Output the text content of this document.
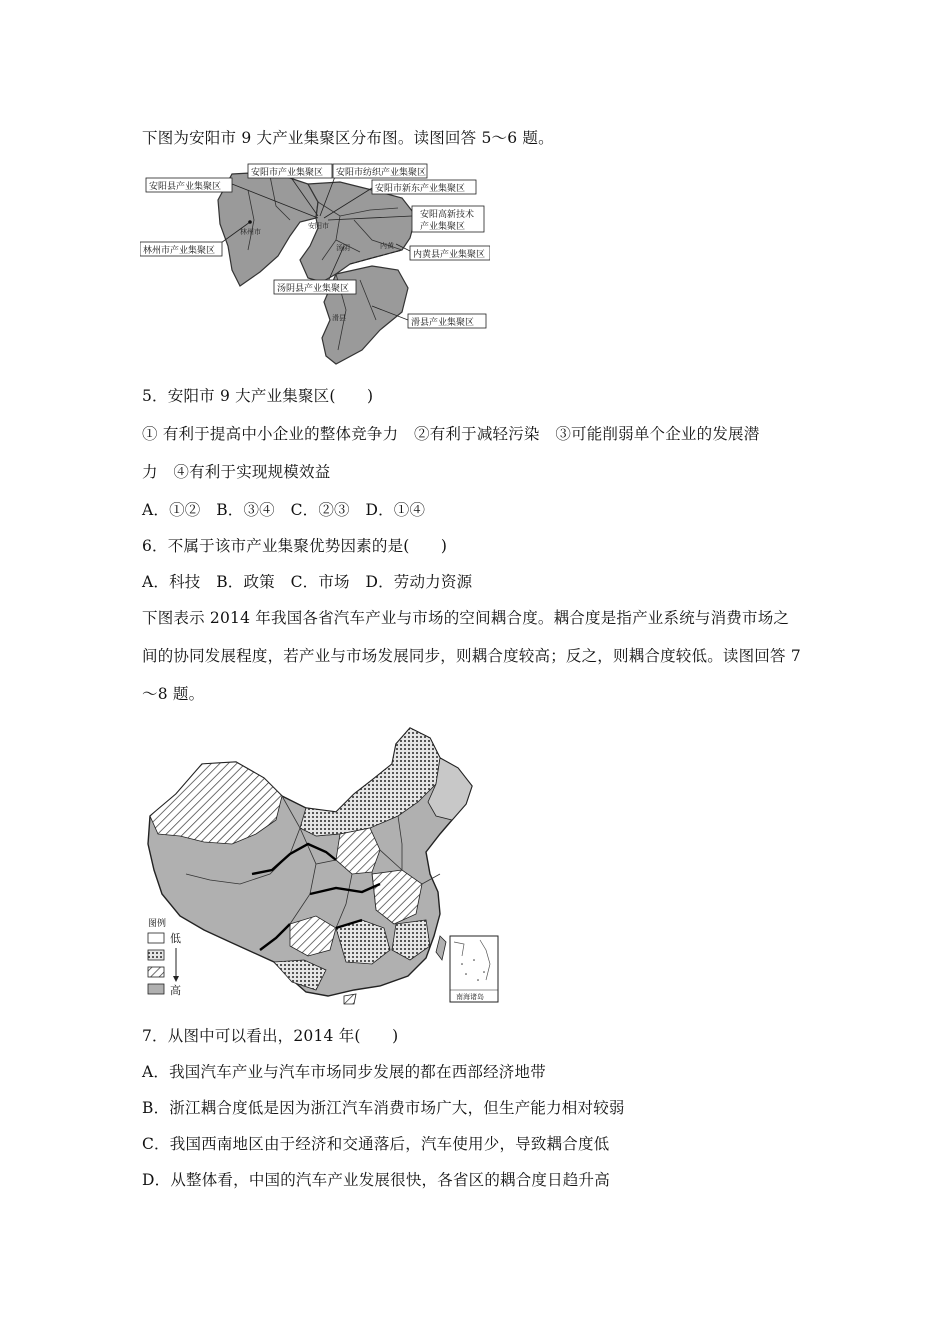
下图为安阳市 9 大产业集聚区分布图。读图回答 5～6 题。
安阳市产业集聚区 安阳市纺织产业集聚区
安阳县产业集聚区	安阳市新东产业集聚区
安阳高新技术
产业集聚区
林州市产业集聚区	内黄县产业集聚区
汤阴县产业集聚区
滑县产业集聚区
林州市
安阳市
汤阴	内黄
滑县
5．安阳市 9 大产业集聚区(　　)
① 有利于提高中小企业的整体竞争力　②有利于减轻污染　③可能削弱单个企业的发展潜
力　④有利于实现规模效益
A．①②　B．③④　C．②③　D．①④
6．不属于该市产业集聚优势因素的是(　　)
A．科技　B．政策　C．市场　D．劳动力资源
下图表示 2014 年我国各省汽车产业与市场的空间耦合度。耦合度是指产业系统与消费市场之
间的协同发展程度，若产业与市场发展同步，则耦合度较高；反之，则耦合度较低。读图回答 7
～8 题。
图例
低
高	南海诸岛
7．从图中可以看出，2014 年(　　)
A．我国汽车产业与汽车市场同步发展的都在西部经济地带
B．浙江耦合度低是因为浙江汽车消费市场广大，但生产能力相对较弱
C．我国西南地区由于经济和交通落后，汽车使用少，导致耦合度低
D．从整体看，中国的汽车产业发展很快，各省区的耦合度日趋升高
